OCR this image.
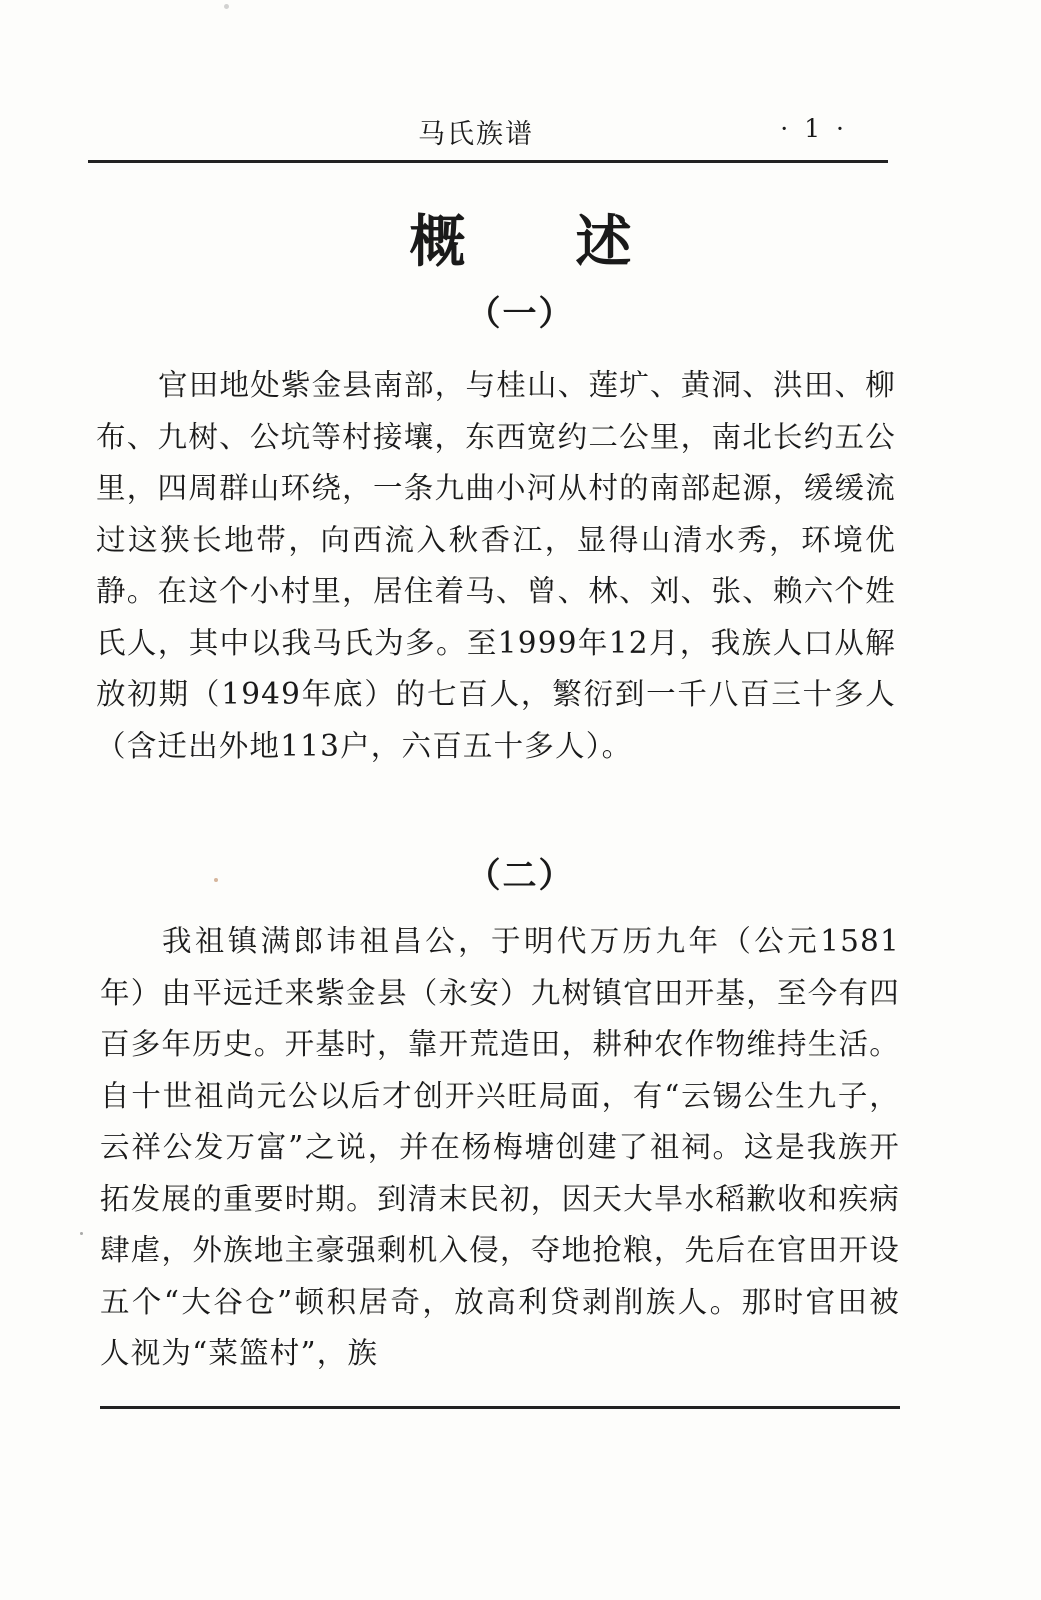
马氏族谱	· 1 ·
概述
（一）

官田地处紫金县南部，与桂山、莲圹、黄洞、洪田、柳布、九树、公坑等村接壤，东西宽约二公里，南北长约五公里，四周群山环绕，一条九曲小河从村的南部起源，缓缓流过这狭长地带，向西流入秋香江，显得山清水秀，环境优静。在这个小村里，居住着马、曾、林、刘、张、赖六个姓氏人，其中以我马氏为多。至1999年12月，我族人口从解放初期（1949年底）的七百人，繁衍到一千八百三十多人（含迁出外地113户，六百五十多人）。

（二）

我祖镇满郎讳祖昌公，于明代万历九年（公元1581年）由平远迁来紫金县（永安）九树镇官田开基，至今有四百多年历史。开基时，靠开荒造田，耕种农作物维持生活。自十世祖尚元公以后才创开兴旺局面，有“云锡公生九子，云祥公发万富”之说，并在杨梅塘创建了祖祠。这是我族开拓发展的重要时期。到清末民初，因天大旱水稻歉收和疾病肆虐，外族地主豪强剩机入侵，夺地抢粮，先后在官田开设五个“大谷仓”顿积居奇，放高利贷剥削族人。那时官田被人视为“菜篮村”，族
